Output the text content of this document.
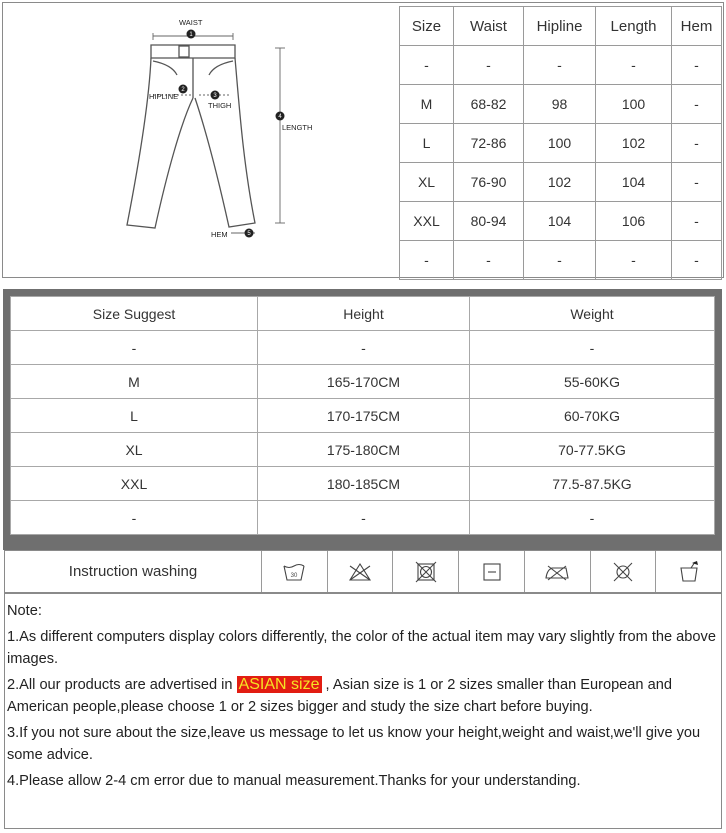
WAIST
HIPLINE
THIGH
LENGTH
HEM
1
2
3
4
5
Size	Waist	Hipline	Length	Hem
-	-	-	-	-
M	68-82	98	100	-
L	72-86	100	102	-
XL	76-90	102	104	-
XXL	80-94	104	106	-
-	-	-	-	-
Size Suggest	Height	Weight
-	-	-
M	165-170CM	55-60KG
L	170-175CM	60-70KG
XL	175-180CM	70-77.5KG
XXL	180-185CM	77.5-87.5KG
-	-	-
Instruction washing	30

Note:

1.As different computers display colors differently, the color of the actual item may vary slightly from the above images.

2.All our products are advertised in ASIAN size , Asian size is 1 or 2 sizes smaller than European and
American people,please choose 1 or 2 sizes bigger and study the size chart before buying.

3.If you not sure about the size,leave us message to let us know your height,weight and waist,we'll give you some advice.

4.Please allow 2-4 cm error due to manual measurement.Thanks for your understanding.
